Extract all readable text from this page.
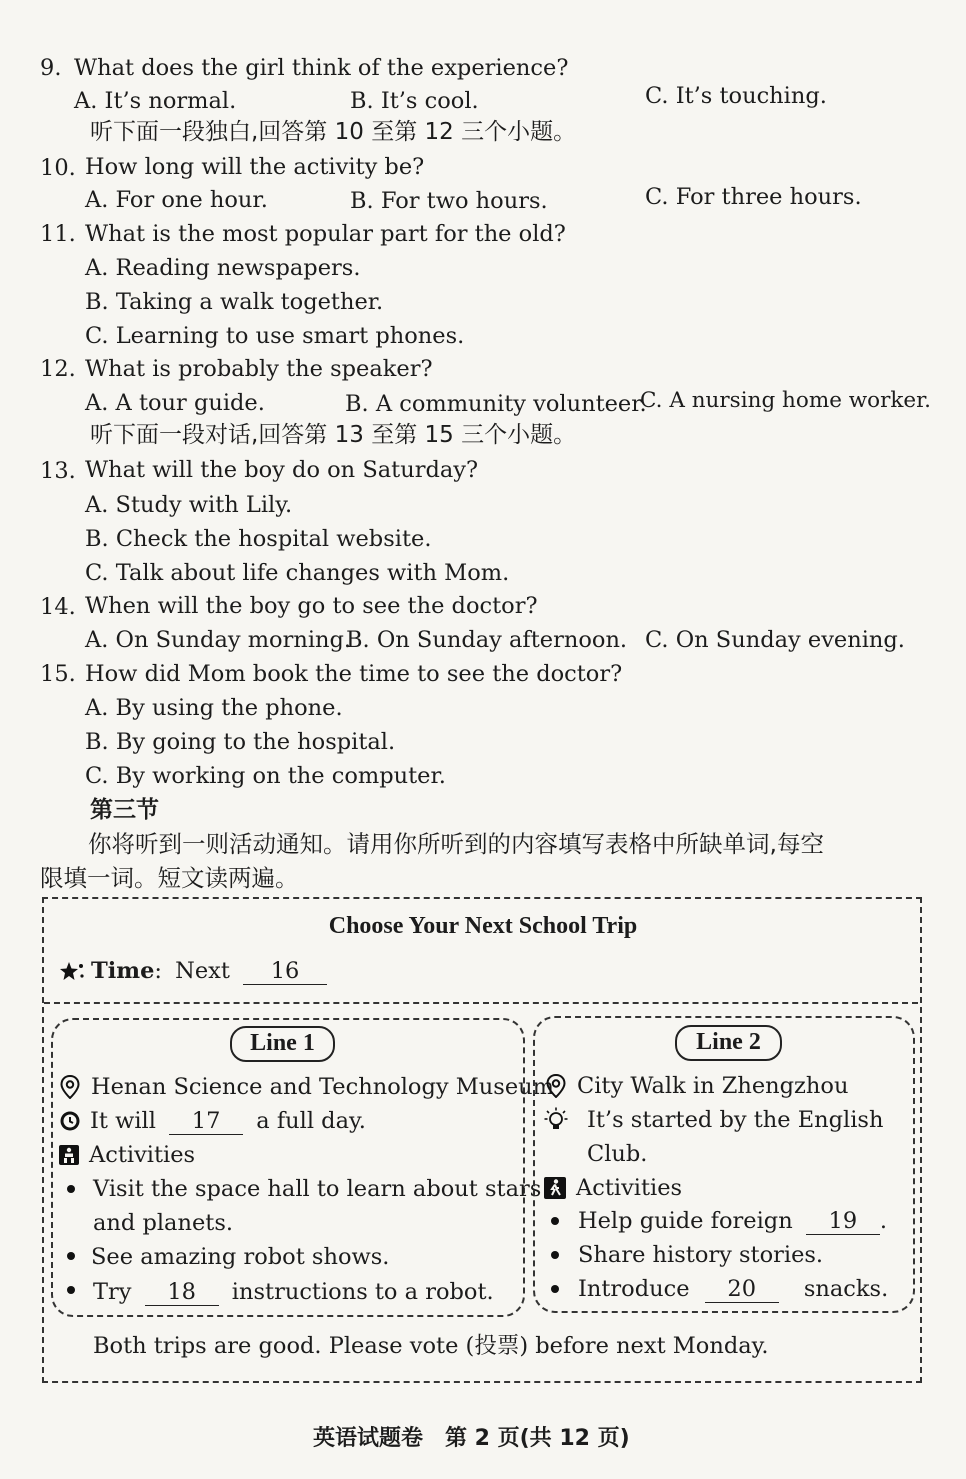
9. What does the girl think of the experience?
A. It’s normal.	B. It’s cool.	C. It’s touching.
听下面一段独白,回答第 10 至第 12 三个小题。
10. How long will the activity be?
A. For one hour.	B. For two hours.	C. For three hours.
11. What is the most popular part for the old?
A. Reading newspapers.
B. Taking a walk together.
C. Learning to use smart phones.
12. What is probably the speaker?
A. A tour guide.	B. A community volunteer.
C. A nursing home worker.
听下面一段对话,回答第 13 至第 15 三个小题。
13. What will the boy do on Saturday?
A. Study with Lily.
B. Check the hospital website.
C. Talk about life changes with Mom.
14. When will the boy go to see the doctor?
A. On Sunday morning.
B. On Sunday afternoon. C. On Sunday evening.
15. How did Mom book the time to see the doctor?
A. By using the phone.
B. By going to the hospital.
C. By working on the computer.
第三节
你将听到一则活动通知。请用你所听到的内容填写表格中所缺单词,每空
限填一词。短文读两遍。
Choose Your Next School Trip
Time: Next 16
Line 1
Henan Science and Technology Museum
It will 17 a full day.
Activities
Visit the space hall to learn about stars
and planets.
See amazing robot shows.
Try 18 instructions to a robot.
Line 2
City Walk in Zhengzhou
It’s started by the English
Club.
Activities
Help guide foreign 19 .
Share history stories.
Introduce 20 snacks.
Both trips are good. Please vote (投票) before next Monday.
英语试题卷　第 2 页(共 12 页)
